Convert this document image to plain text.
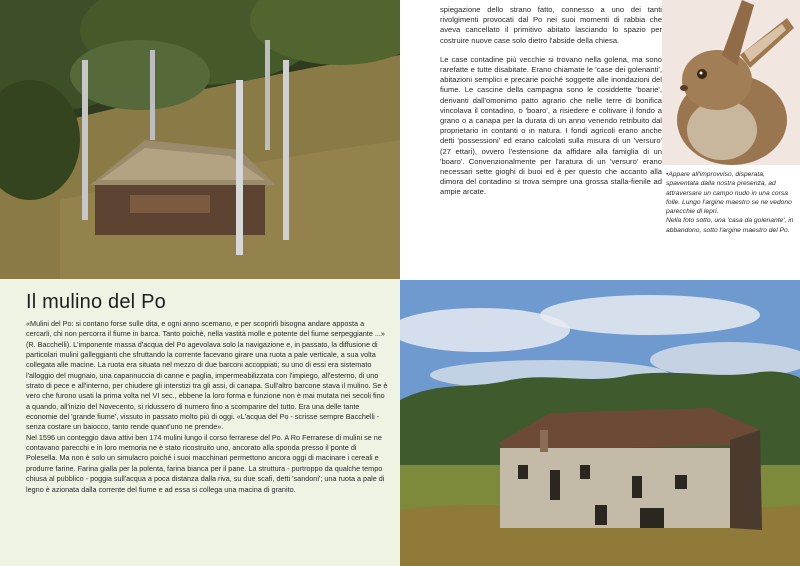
spiegazione dello strano fatto, connesso a uno dei tanti rivolgimenti provocati dal Po nei suoi momenti di rabbia che aveva cancellato il primitivo abitato lasciando lo spazio per costruire nuove case solo dietro l'abside della chiesa.

Le case contadine più vecchie si trovano nella golena, ma sono rarefatte e tutte disabitate. Erano chiamate le 'case dei golenanti', abitazioni semplici e precarie poiché soggette alle inondazioni del fiume. Le cascine della campagna sono le cosiddette 'boarie', derivanti dall'omonimo patto agrario che nelle terre di bonifica vincolava il contadino, o 'boaro', a risiedere e coltivare il fondo a grano o a canapa per la durata di un anno venendo retribuito dal proprietario in contanti o in natura. I fondi agricoli erano anche detti 'possessioni' ed erano calcolati sulla misura di un 'versuro' (27 ettari), ovvero l'estensione da affidare alla famiglia di un 'boaro'. Convenzionalmente per l'aratura di un 'versuro' erano necessari sette gioghi di buoi ed è per questo che accanto alla dimora del contadino si trova sempre una grossa stalla-fienile ad ampie arcate.

•Appare all'improvviso, disperata, spaventata dalla nostra presenza, ad attraversare un campo nudo in una corsa folle. Lungo l'argine maestro se ne vedono parecchie di lepri.

Nella foto sotto, una 'casa da golenante', in abbandono, sotto l'argine maestro del Po.

Il mulino del Po

«Mulini del Po: si contano forse sulle dita, e ogni anno scemano, e per scoprirli bisogna andare apposta a cercarli, chi non percorra il fiume in barca. Tanto poichè, nella vastità molle e potente del fiume serpeggiante ...» (R. Bacchelli). L'imponente massa d'acqua del Po agevolava solo la navigazione e, in passato, la diffusione di particolari mulini galleggianti che sfruttando la corrente facevano girare una ruota a pale verticale, a sua volta collegata alle macine. La ruota era situata nel mezzo di due barconi accoppiati; su uno di essi era sistemato l'alloggio del mugnaio, una capannuccia di canne e paglia, impermeabilizzata con l'impiego, all'esterno, di uno strato di pece e all'interno, per chiudere gli interstizi tra gli assi, di canapa. Sull'altro barcone stava il mulino. Se è vero che furono usati la prima volta nel VI sec., ebbene la loro forma e funzione non è mai mutata nei secoli fino a quando, all'inizio del Novecento, si ridussero di numero fino a scomparire del tutto. Era una delle tante economie del 'grande fiume', vissuto in passato molto più di oggi. «L'acqua del Po - scrisse sempre Bacchelli - senza costare un baiocco, tanto rende quant'uno ne prende».

Nel 1596 un conteggio dava attivi ben 174 mulini lungo il corso ferrarese del Po. A Ro Ferrarese di mulini se ne contavano parecchi e in loro memoria ne è stato ricostruito uno, ancorato alla sponda presso il ponte di Polesella. Ma non è solo un simulacro poiché i suoi macchinari permettono ancora oggi di macinare i cereali e produrre farine. Farina gialla per la polenta, farina bianca per il pane. La struttura - purtroppo da qualche tempo chiusa al pubblico - poggia sull'acqua a poca distanza dalla riva, su due scafi, detti 'sandoni'; una ruota a pale di legno è azionata dalla corrente del fiume e ad essa si collega una macina di granito.
